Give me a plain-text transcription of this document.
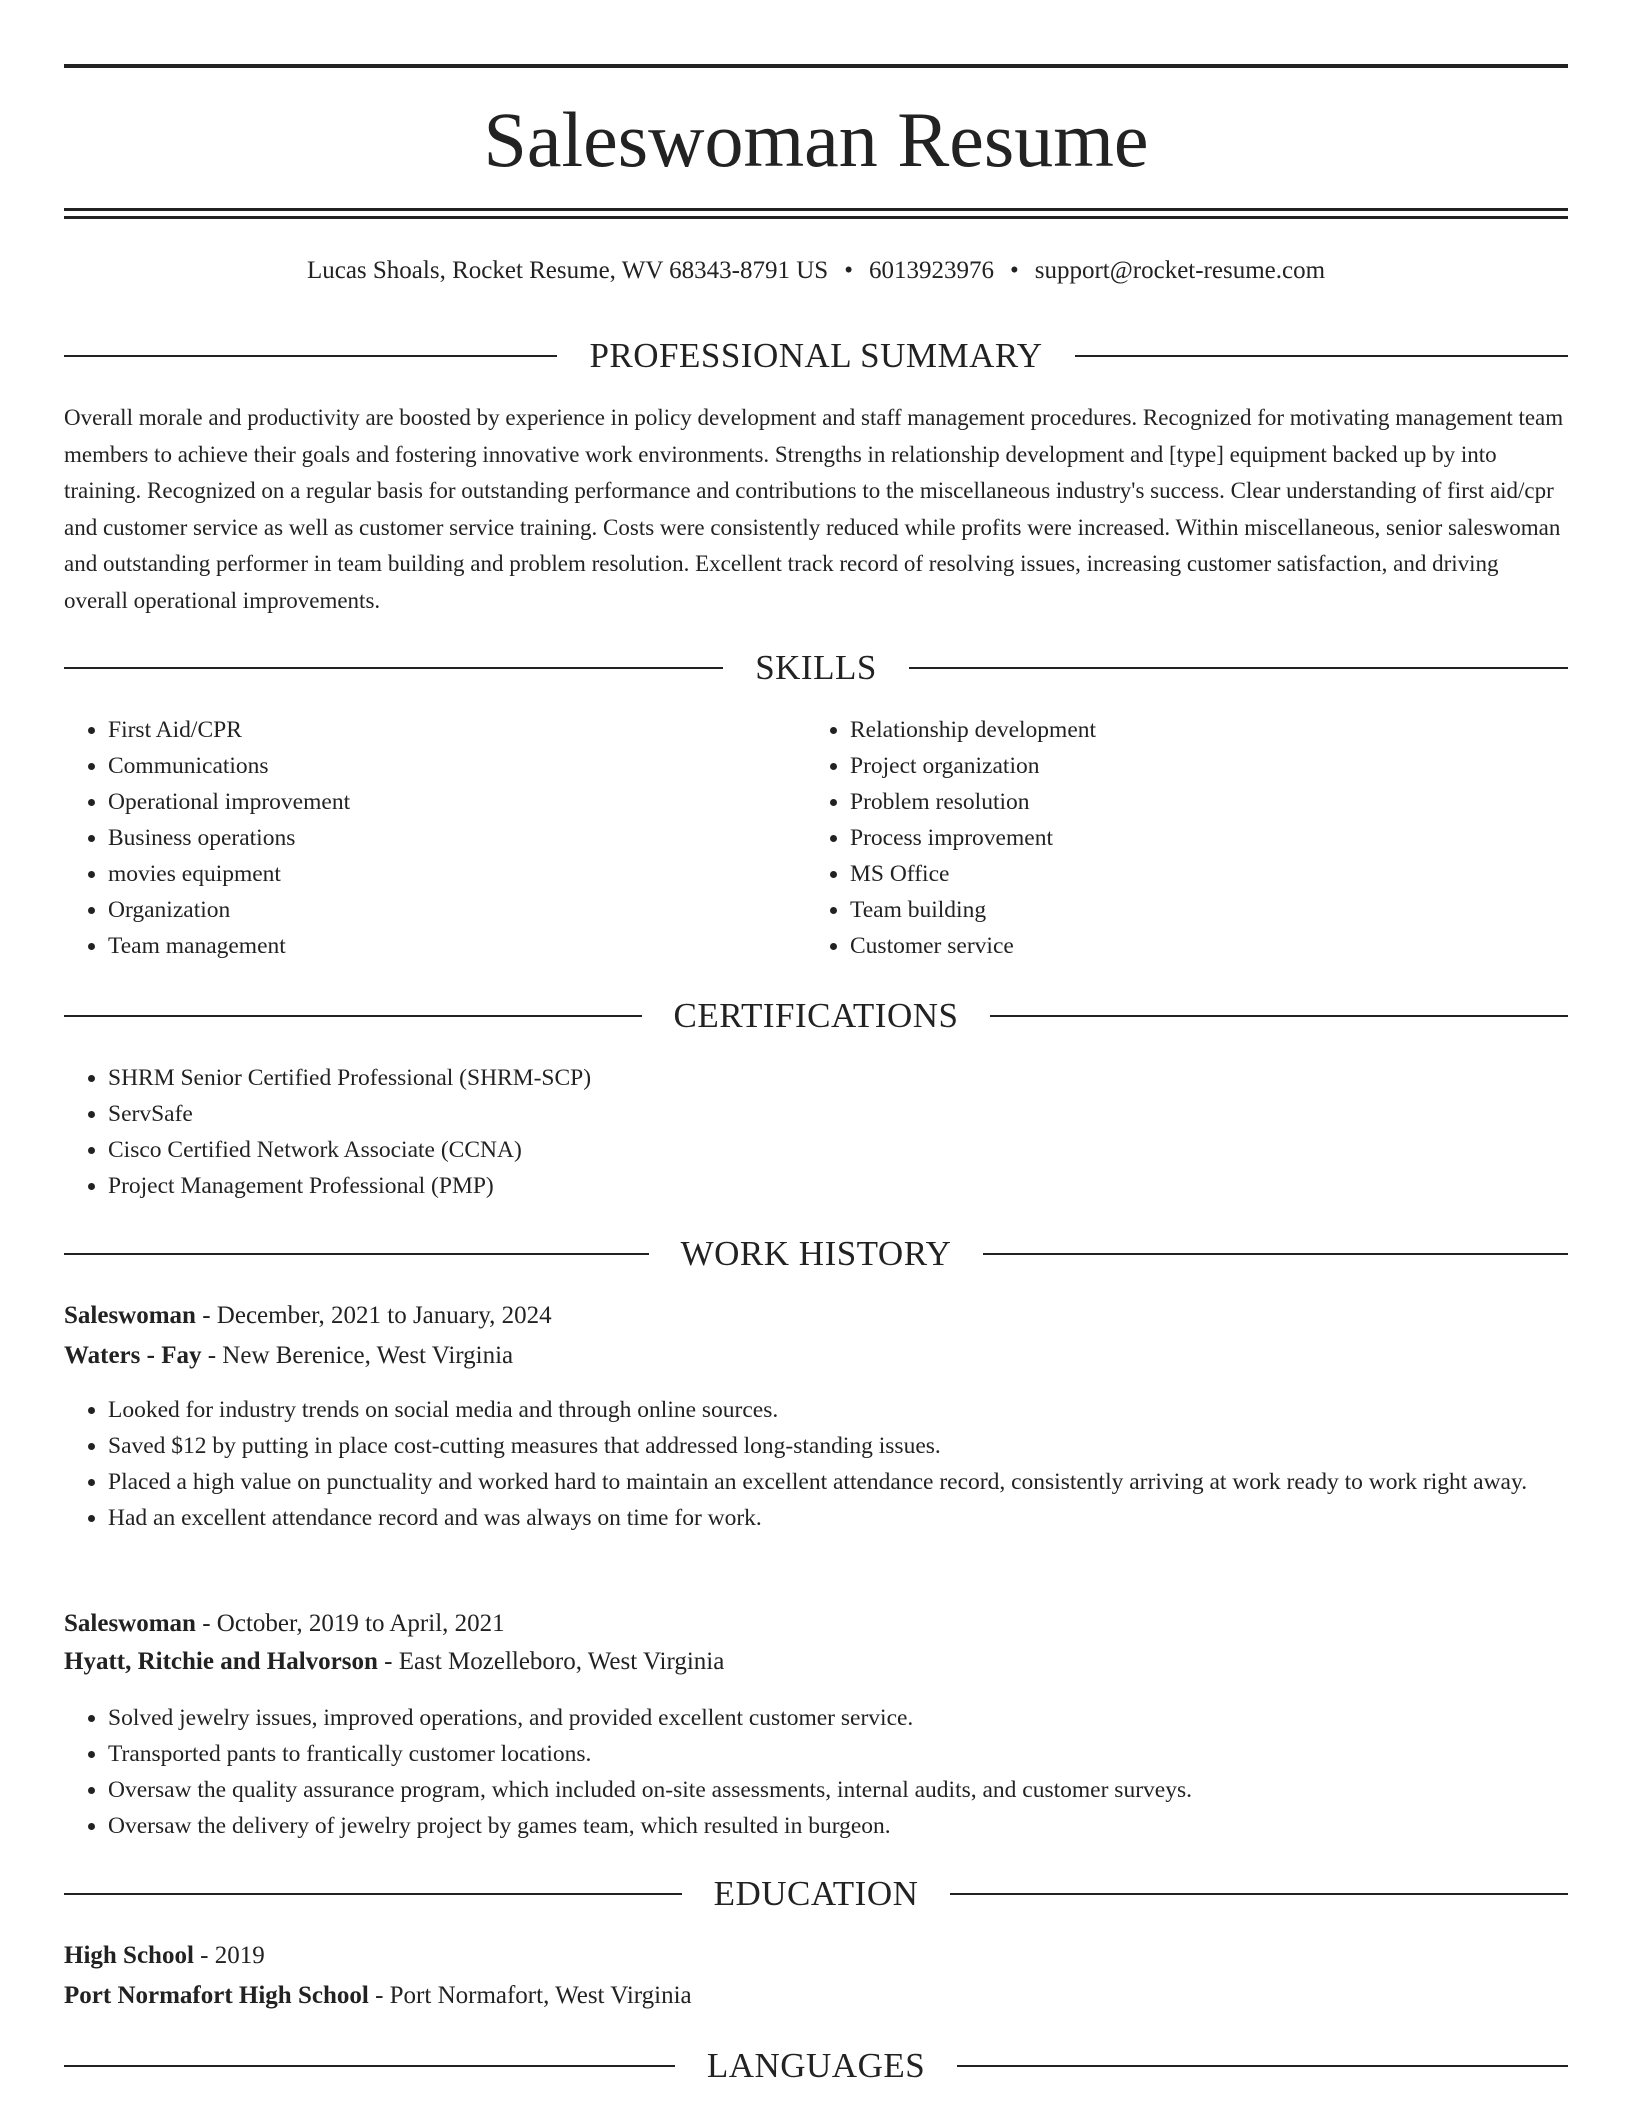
Saleswoman Resume
Lucas Shoals, Rocket Resume, WV 68343-8791 US • 6013923976 • support@rocket-resume.com
PROFESSIONAL SUMMARY

Overall morale and productivity are boosted by experience in policy development and staff management procedures. Recognized for motivating management team members to achieve their goals and fostering innovative work environments. Strengths in relationship development and [type] equipment backed up by into training. Recognized on a regular basis for outstanding performance and contributions to the miscellaneous industry's success. Clear understanding of first aid/cpr and customer service as well as customer service training. Costs were consistently reduced while profits were increased. Within miscellaneous, senior saleswoman and outstanding performer in team building and problem resolution. Excellent track record of resolving issues, increasing customer satisfaction, and driving overall operational improvements.

SKILLS
• First Aid/CPR
• Communications
• Operational improvement
• Business operations
• movies equipment
• Organization
• Team management
• Relationship development
• Project organization
• Problem resolution
• Process improvement
• MS Office
• Team building
• Customer service
CERTIFICATIONS
• SHRM Senior Certified Professional (SHRM-SCP)
• ServSafe
• Cisco Certified Network Associate (CCNA)
• Project Management Professional (PMP)
WORK HISTORY
Saleswoman - December, 2021 to January, 2024
Waters - Fay - New Berenice, West Virginia
• Looked for industry trends on social media and through online sources.
• Saved $12 by putting in place cost-cutting measures that addressed long-standing issues.
• Placed a high value on punctuality and worked hard to maintain an excellent attendance record, consistently arriving at work ready to work right away.
• Had an excellent attendance record and was always on time for work.
Saleswoman - October, 2019 to April, 2021
Hyatt, Ritchie and Halvorson - East Mozelleboro, West Virginia
• Solved jewelry issues, improved operations, and provided excellent customer service.
• Transported pants to frantically customer locations.
• Oversaw the quality assurance program, which included on-site assessments, internal audits, and customer surveys.
• Oversaw the delivery of jewelry project by games team, which resulted in burgeon.
EDUCATION
High School - 2019
Port Normafort High School - Port Normafort, West Virginia
LANGUAGES
